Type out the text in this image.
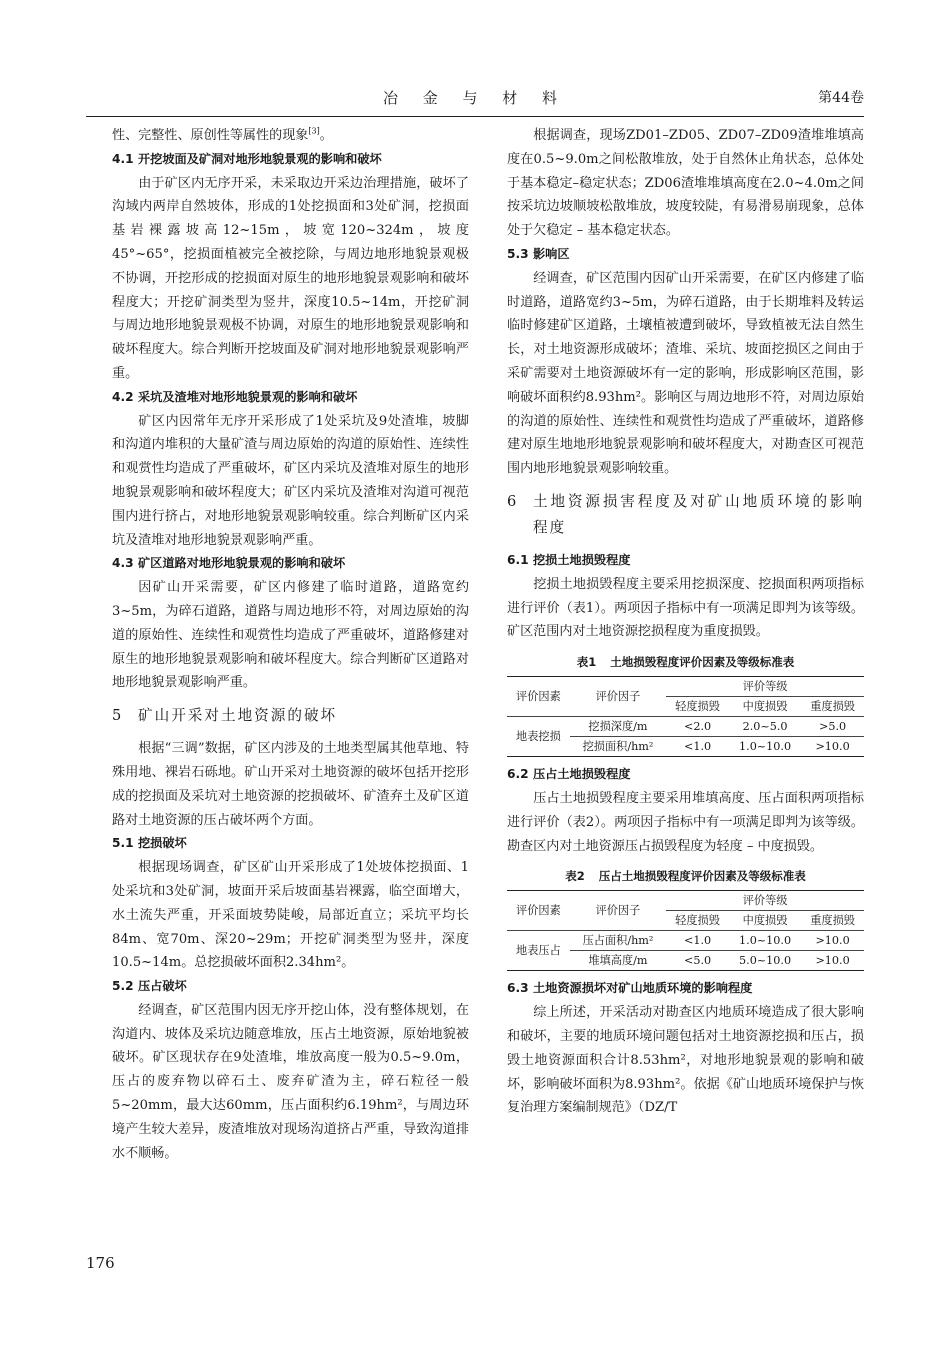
冶 金 与 材 料	第44卷

性、完整性、原创性等属性的现象[3]。

4.1 开挖坡面及矿洞对地形地貌景观的影响和破坏

由于矿区内无序开采，未采取边开采边治理措施，破坏了沟域内两岸自然坡体，形成的1处挖损面和3处矿洞，挖损面基岩裸露坡高12~15m，坡宽120~324m，坡度45°~65°，挖损面植被完全被挖除，与周边地形地貌景观极不协调，开挖形成的挖损面对原生的地形地貌景观影响和破坏程度大；开挖矿洞类型为竖井，深度10.5~14m，开挖矿洞与周边地形地貌景观极不协调，对原生的地形地貌景观影响和破坏程度大。综合判断开挖坡面及矿洞对地形地貌景观影响严重。

4.2 采坑及渣堆对地形地貌景观的影响和破坏

矿区内因常年无序开采形成了1处采坑及9处渣堆，坡脚和沟道内堆积的大量矿渣与周边原始的沟道的原始性、连续性和观赏性均造成了严重破坏，矿区内采坑及渣堆对原生的地形地貌景观影响和破坏程度大；矿区内采坑及渣堆对沟道可视范围内进行挤占，对地形地貌景观影响较重。综合判断矿区内采坑及渣堆对地形地貌景观影响严重。

4.3 矿区道路对地形地貌景观的影响和破坏

因矿山开采需要，矿区内修建了临时道路，道路宽约3~5m，为碎石道路，道路与周边地形不符，对周边原始的沟道的原始性、连续性和观赏性均造成了严重破坏，道路修建对原生的地形地貌景观影响和破坏程度大。综合判断矿区道路对地形地貌景观影响严重。

5	矿山开采对土地资源的破坏

根据“三调”数据，矿区内涉及的土地类型属其他草地、特殊用地、裸岩石砾地。矿山开采对土地资源的破坏包括开挖形成的挖损面及采坑对土地资源的挖损破坏、矿渣弃土及矿区道路对土地资源的压占破坏两个方面。

5.1 挖损破坏

根据现场调查，矿区矿山开采形成了1处坡体挖损面、1处采坑和3处矿洞，坡面开采后坡面基岩裸露，临空面增大，水土流失严重，开采面坡势陡峻，局部近直立；采坑平均长84m、宽70m、深20~29m；开挖矿洞类型为竖井，深度10.5~14m。总挖损破坏面积2.34hm²。

5.2 压占破坏

经调查，矿区范围内因无序开挖山体，没有整体规划，在沟道内、坡体及采坑边随意堆放，压占土地资源，原始地貌被破坏。矿区现状存在9处渣堆，堆放高度一般为0.5~9.0m，压占的废弃物以碎石土、废弃矿渣为主，碎石粒径一般5~20mm，最大达60mm，压占面积约6.19hm²，与周边环境产生较大差异，废渣堆放对现场沟道挤占严重，导致沟道排水不顺畅。

根据调查，现场ZD01–ZD05、ZD07–ZD09渣堆堆填高度在0.5~9.0m之间松散堆放，处于自然休止角状态，总体处于基本稳定–稳定状态；ZD06渣堆堆填高度在2.0~4.0m之间按采坑边坡顺坡松散堆放，坡度较陡，有易滑易崩现象，总体处于欠稳定 – 基本稳定状态。

5.3 影响区

经调查，矿区范围内因矿山开采需要，在矿区内修建了临时道路，道路宽约3~5m，为碎石道路，由于长期堆料及转运临时修建矿区道路，土壤植被遭到破坏，导致植被无法自然生长，对土地资源形成破坏；渣堆、采坑、坡面挖损区之间由于采矿需要对土地资源破坏有一定的影响，形成影响区范围，影响破坏面积约8.93hm²。影响区与周边地形不符，对周边原始的沟道的原始性、连续性和观赏性均造成了严重破坏，道路修建对原生地地形地貌景观影响和破坏程度大，对勘查区可视范围内地形地貌景观影响较重。

6	土地资源损害程度及对矿山地质环境的影响程度
6.1 挖损土地损毁程度

挖损土地损毁程度主要采用挖损深度、挖损面积两项指标进行评价（表1）。两项因子指标中有一项满足即判为该等级。矿区范围内对土地资源挖损程度为重度损毁。

表1 土地损毁程度评价因素及等级标准表
评价因素	评价因子	评价等级		
		轻度损毁	中度损毁	重度损毁
地表挖损	挖损深度/m	<2.0	2.0~5.0	>5.0
	挖损面积/hm²	<1.0	1.0~10.0	>10.0
6.2 压占土地损毁程度

压占土地损毁程度主要采用堆填高度、压占面积两项指标进行评价（表2）。两项因子指标中有一项满足即判为该等级。勘查区内对土地资源压占损毁程度为轻度 – 中度损毁。

表2 压占土地损毁程度评价因素及等级标准表
评价因素	评价因子	评价等级		
		轻度损毁	中度损毁	重度损毁
地表压占	压占面积/hm²	<1.0	1.0~10.0	>10.0
	堆填高度/m	<5.0	5.0~10.0	>10.0
6.3 土地资源损坏对矿山地质环境的影响程度

综上所述，开采活动对勘查区内地质环境造成了很大影响和破坏，主要的地质环境问题包括对土地资源挖损和压占，损毁土地资源面积合计8.53hm²，对地形地貌景观的影响和破坏，影响破坏面积为8.93hm²。依据《矿山地质环境保护与恢复治理方案编制规范》（DZ/T

176
